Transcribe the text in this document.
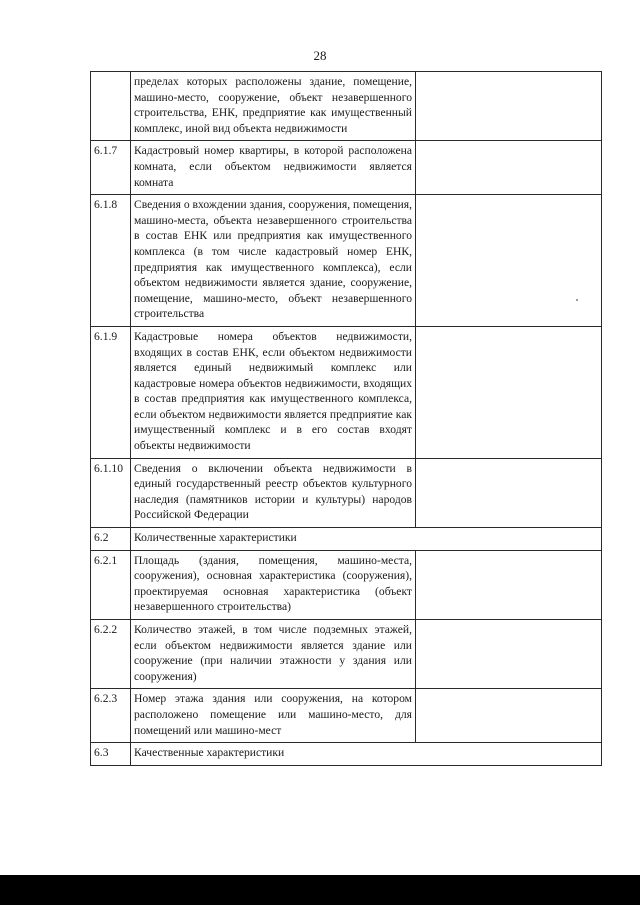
28
	пределах которых расположены здание, помещение, машино-место, сооружение, объект незавершенного строительства, ЕНК, предприятие как имущественный комплекс, иной вид объекта недвижимости	
6.1.7	Кадастровый номер квартиры, в которой расположена комната, если объектом недвижимости является комната	
6.1.8	Сведения о вхождении здания, сооружения, помещения, машино-места, объекта незавершенного строительства в состав ЕНК или предприятия как имущественного комплекса (в том числе кадастровый номер ЕНК, предприятия как имущественного комплекса), если объектом недвижимости является здание, сооружение, помещение, машино-место, объект незавершенного строительства	
6.1.9	Кадастровые номера объектов недвижимости, входящих в состав ЕНК, если объектом недвижимости является единый недвижимый комплекс или кадастровые номера объектов недвижимости, входящих в состав предприятия как имущественного комплекса, если объектом недвижимости является предприятие как имущественный комплекс и в его состав входят объекты недвижимости	
6.1.10	Сведения о включении объекта недвижимости в единый государственный реестр объектов культурного наследия (памятников истории и культуры) народов Российской Федерации	
6.2	Количественные характеристики	
6.2.1	Площадь (здания, помещения, машино-места, сооружения), основная характеристика (сооружения), проектируемая основная характеристика (объект незавершенного строительства)	
6.2.2	Количество этажей, в том числе подземных этажей, если объектом недвижимости является здание или сооружение (при наличии этажности у здания или сооружения)	
6.2.3	Номер этажа здания или сооружения, на котором расположено помещение или машино-место, для помещений или машино-мест	
6.3	Качественные характеристики	
